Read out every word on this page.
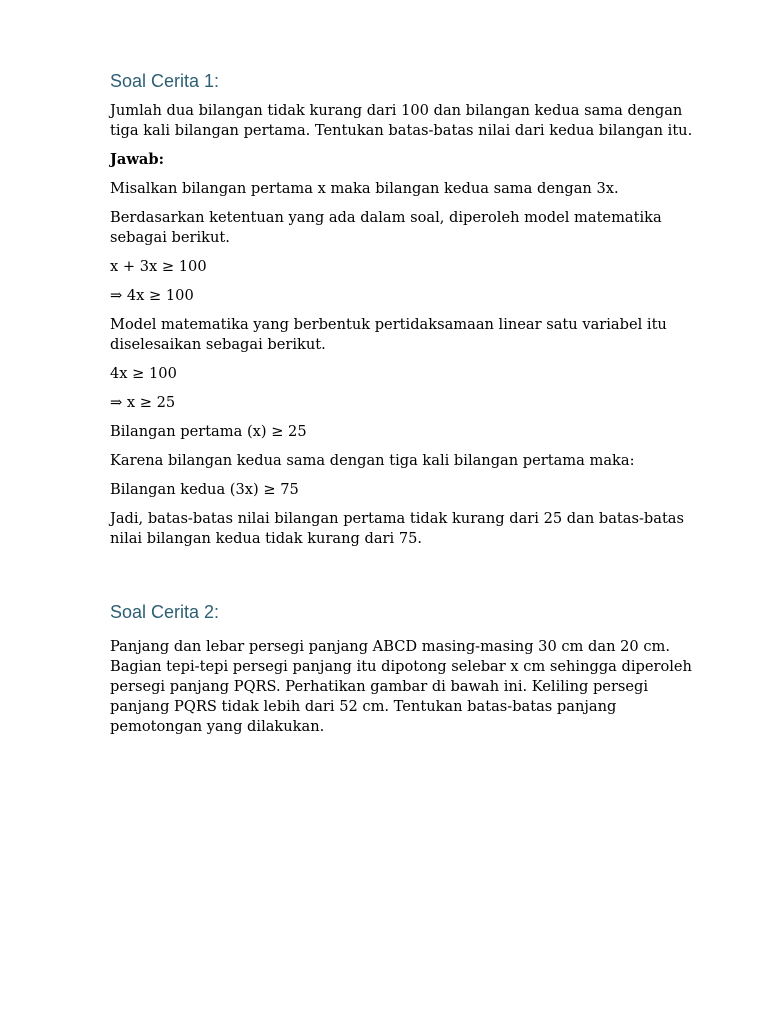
Soal Cerita 1:

Jumlah dua bilangan tidak kurang dari 100 dan bilangan kedua sama dengan tiga kali bilangan pertama. Tentukan batas-batas nilai dari kedua bilangan itu.

Jawab:

Misalkan bilangan pertama x maka bilangan kedua sama dengan 3x.

Berdasarkan ketentuan yang ada dalam soal, diperoleh model matematika sebagai berikut.

x + 3x ≥ 100

⇒ 4x ≥ 100

Model matematika yang berbentuk pertidaksamaan linear satu variabel itu diselesaikan sebagai berikut.

4x ≥ 100

⇒ x ≥ 25

Bilangan pertama (x) ≥ 25

Karena bilangan kedua sama dengan tiga kali bilangan pertama maka:

Bilangan kedua (3x) ≥ 75

Jadi, batas-batas nilai bilangan pertama tidak kurang dari 25 dan batas-batas nilai bilangan kedua tidak kurang dari 75.

Soal Cerita 2:

Panjang dan lebar persegi panjang ABCD masing-masing 30 cm dan 20 cm. Bagian tepi-tepi persegi panjang itu dipotong selebar x cm sehingga diperoleh persegi panjang PQRS. Perhatikan gambar di bawah ini. Keliling persegi panjang PQRS tidak lebih dari 52 cm. Tentukan batas-batas panjang pemotongan yang dilakukan.
